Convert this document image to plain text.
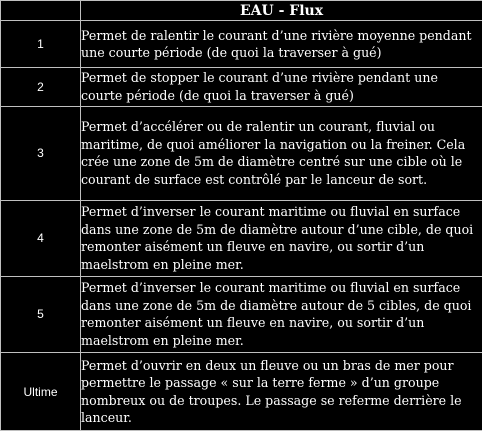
	EAU - Flux
1	Permet de ralentir le courant d’une rivière moyenne pendant une courte période (de quoi la traverser à gué)
2	Permet de stopper le courant d’une rivière pendant une courte période (de quoi la traverser à gué)
3	Permet d’accélérer ou de ralentir un courant, fluvial ou maritime, de quoi améliorer la navigation ou la freiner. Cela crée une zone de 5m de diamètre centré sur une cible où le courant de surface est contrôlé par le lanceur de sort.
4	Permet d’inverser le courant maritime ou fluvial en surface dans une zone de 5m de diamètre autour d’une cible, de quoi remonter aisément un fleuve en navire, ou sortir d’un maelstrom en pleine mer.
5	Permet d’inverser le courant maritime ou fluvial en surface dans une zone de 5m de diamètre autour de 5 cibles, de quoi remonter aisément un fleuve en navire, ou sortir d’un maelstrom en pleine mer.
Ultime	Permet d’ouvrir en deux un fleuve ou un bras de mer pour permettre le passage « sur la terre ferme » d’un groupe nombreux ou de troupes. Le passage se referme derrière le lanceur.
